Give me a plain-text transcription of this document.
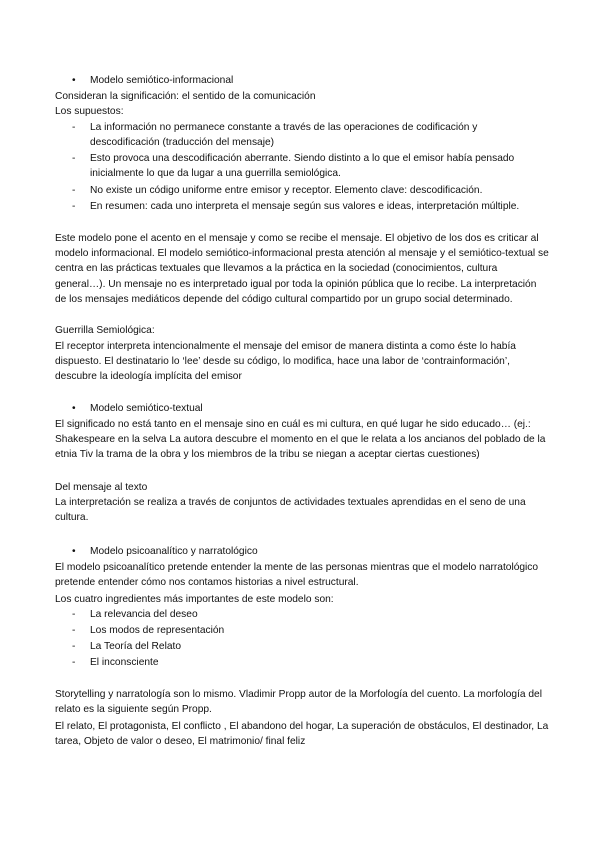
• Modelo semiótico-informacional

Consideran la significación: el sentido de la comunicación

Los supuestos:

- La información no permanece constante a través de las operaciones de codificación y descodificación (traducción del mensaje)
- Esto provoca una descodificación aberrante. Siendo distinto a lo que el emisor había pensado inicialmente lo que da lugar a una guerrilla semiológica.
- No existe un código uniforme entre emisor y receptor. Elemento clave: descodificación.
- En resumen: cada uno interpreta el mensaje según sus valores e ideas, interpretación múltiple.

Este modelo pone el acento en el mensaje y como se recibe el mensaje. El objetivo de los dos es criticar al modelo informacional. El modelo semiótico-informacional presta atención al mensaje y el semiótico-textual se centra en las prácticas textuales que llevamos a la práctica en la sociedad (conocimientos, cultura general…). Un mensaje no es interpretado igual por toda la opinión pública que lo recibe. La interpretación de los mensajes mediáticos depende del código cultural compartido por un grupo social determinado.

Guerrilla Semiológica:

El receptor interpreta intencionalmente el mensaje del emisor de manera distinta a como éste lo había dispuesto. El destinatario lo ‘lee’ desde su código, lo modifica, hace una labor de ‘contrainformación’, descubre la ideología implícita del emisor

• Modelo semiótico-textual

El significado no está tanto en el mensaje sino en cuál es mi cultura, en qué lugar he sido educado… (ej.: Shakespeare en la selva La autora descubre el momento en el que le relata a los ancianos del poblado de la etnia Tiv la trama de la obra y los miembros de la tribu se niegan a aceptar ciertas cuestiones)

Del mensaje al texto

La interpretación se realiza a través de conjuntos de actividades textuales aprendidas en el seno de una cultura.

• Modelo psicoanalítico y narratológico

El modelo psicoanalítico pretende entender la mente de las personas mientras que el modelo narratológico pretende entender cómo nos contamos historias a nivel estructural.

Los cuatro ingredientes más importantes de este modelo son:

- La relevancia del deseo
- Los modos de representación
- La Teoría del Relato
- El inconsciente

Storytelling y narratología son lo mismo. Vladimir Propp autor de la Morfología del cuento. La morfología del relato es la siguiente según Propp.

El relato, El protagonista, El conflicto , El abandono del hogar, La superación de obstáculos, El destinador, La tarea, Objeto de valor o deseo, El matrimonio/ final feliz
